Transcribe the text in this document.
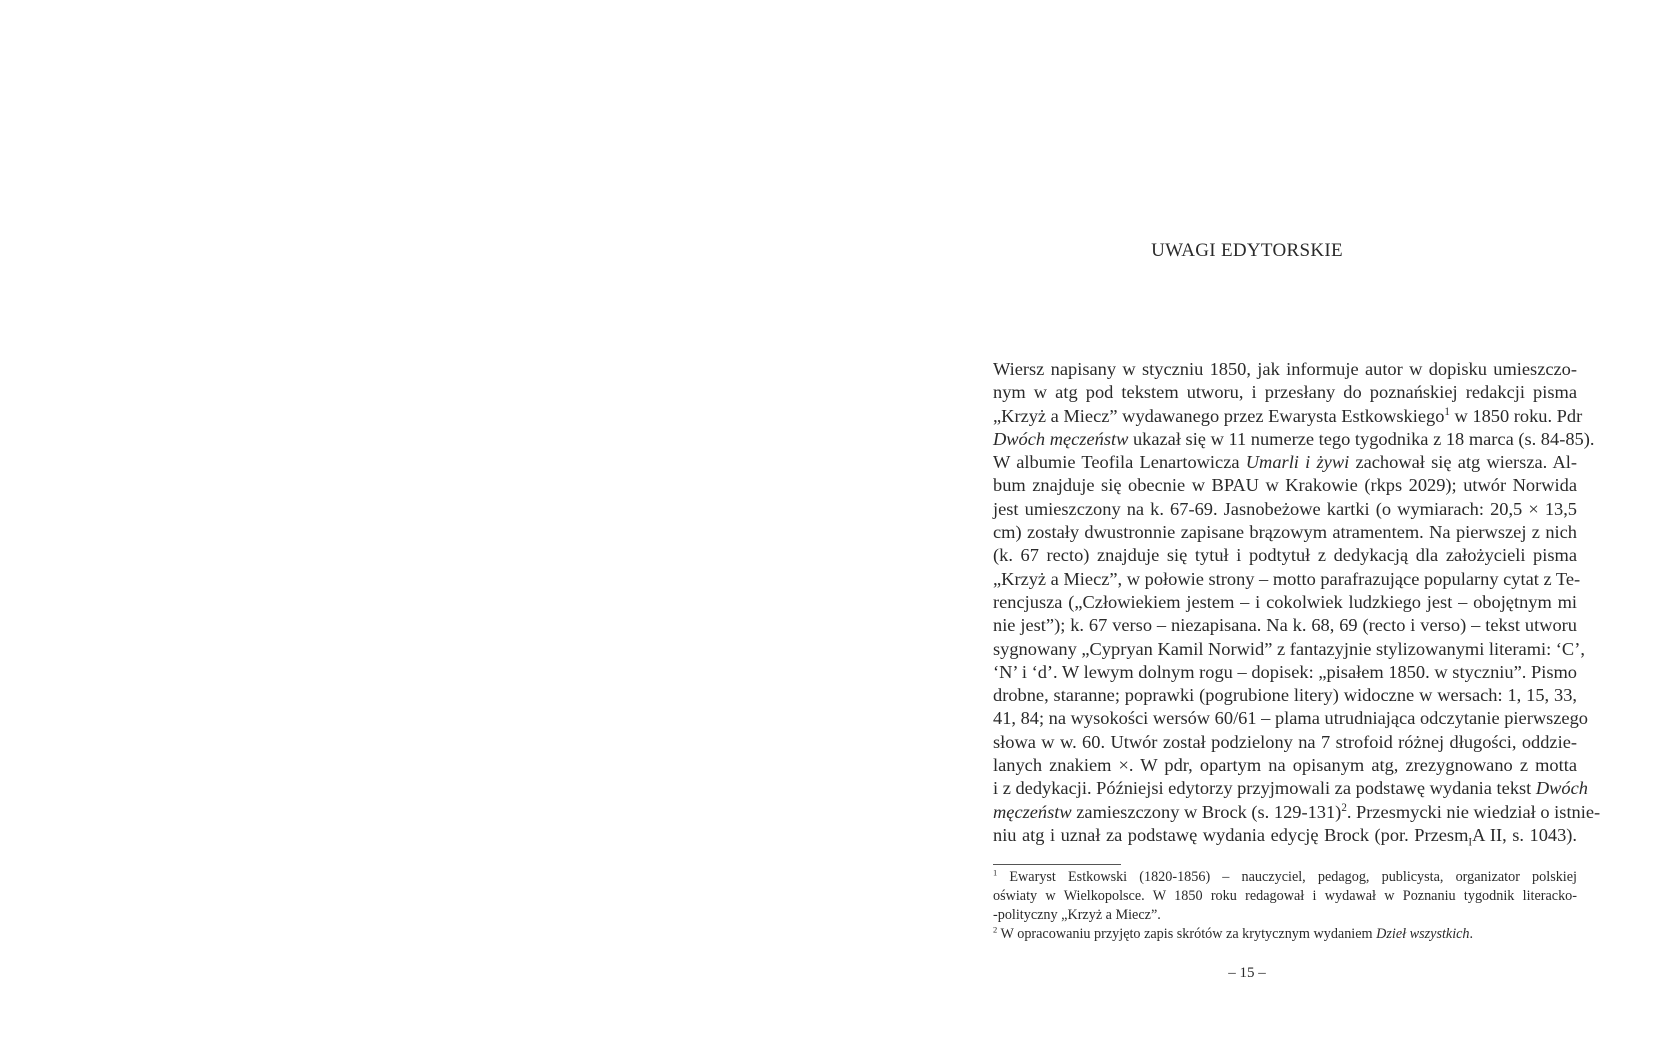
UWAGI EDYTORSKIE
Wiersz napisany w styczniu 1850, jak informuje autor w dopisku umieszczo-
nym w atg pod tekstem utworu, i przesłany do poznańskiej redakcji pisma
„Krzyż a Miecz” wydawanego przez Ewarysta Estkowskiego$^1$ w 1850 roku. Pdr
Dwóch męczeństw ukazał się w 11 numerze tego tygodnika z 18 marca (s. 84-85).
W albumie Teofila Lenartowicza Umarli i żywi zachował się atg wiersza. Al-
bum znajduje się obecnie w BPAU w Krakowie (rkps 2029); utwór Norwida
jest umieszczony na k. 67-69. Jasnobeżowe kartki (o wymiarach: 20,5 × 13,5
cm) zostały dwustronnie zapisane brązowym atramentem. Na pierwszej z nich
(k. 67 recto) znajduje się tytuł i podtytuł z dedykacją dla założycieli pisma
„Krzyż a Miecz”, w połowie strony – motto parafrazujące popularny cytat z Te-
rencjusza („Człowiekiem jestem – i cokolwiek ludzkiego jest – obojętnym mi
nie jest”); k. 67 verso – niezapisana. Na k. 68, 69 (recto i verso) – tekst utworu
sygnowany „Cypryan Kamil Norwid” z fantazyjnie stylizowanymi literami: ‘C’,
‘N’ i ‘d’. W lewym dolnym rogu – dopisek: „pisałem 1850. w styczniu”. Pismo
drobne, staranne; poprawki (pogrubione litery) widoczne w wersach: 1, 15, 33,
41, 84; na wysokości wersów 60/61 – plama utrudniająca odczytanie pierwszego
słowa w w. 60. Utwór został podzielony na 7 strofoid różnej długości, oddzie-
lanych znakiem ×. W pdr, opartym na opisanym atg, zrezygnowano z motta
i z dedykacji. Późniejsi edytorzy przyjmowali za podstawę wydania tekst Dwóch
męczeństw zamieszczony w Brock (s. 129-131)$^2$. Przesmycki nie wiedział o istnie-
niu atg i uznał za podstawę wydania edycję Brock (por. Przesm$_I$A II, s. 1043).
$^1$ Ewaryst Estkowski (1820-1856) – nauczyciel, pedagog, publicysta, organizator polskiej
oświaty w Wielkopolsce. W 1850 roku redagował i wydawał w Poznaniu tygodnik literacko-
-polityczny „Krzyż a Miecz”.
$^2$ W opracowaniu przyjęto zapis skrótów za krytycznym wydaniem Dzieł wszystkich.
– 15 –
